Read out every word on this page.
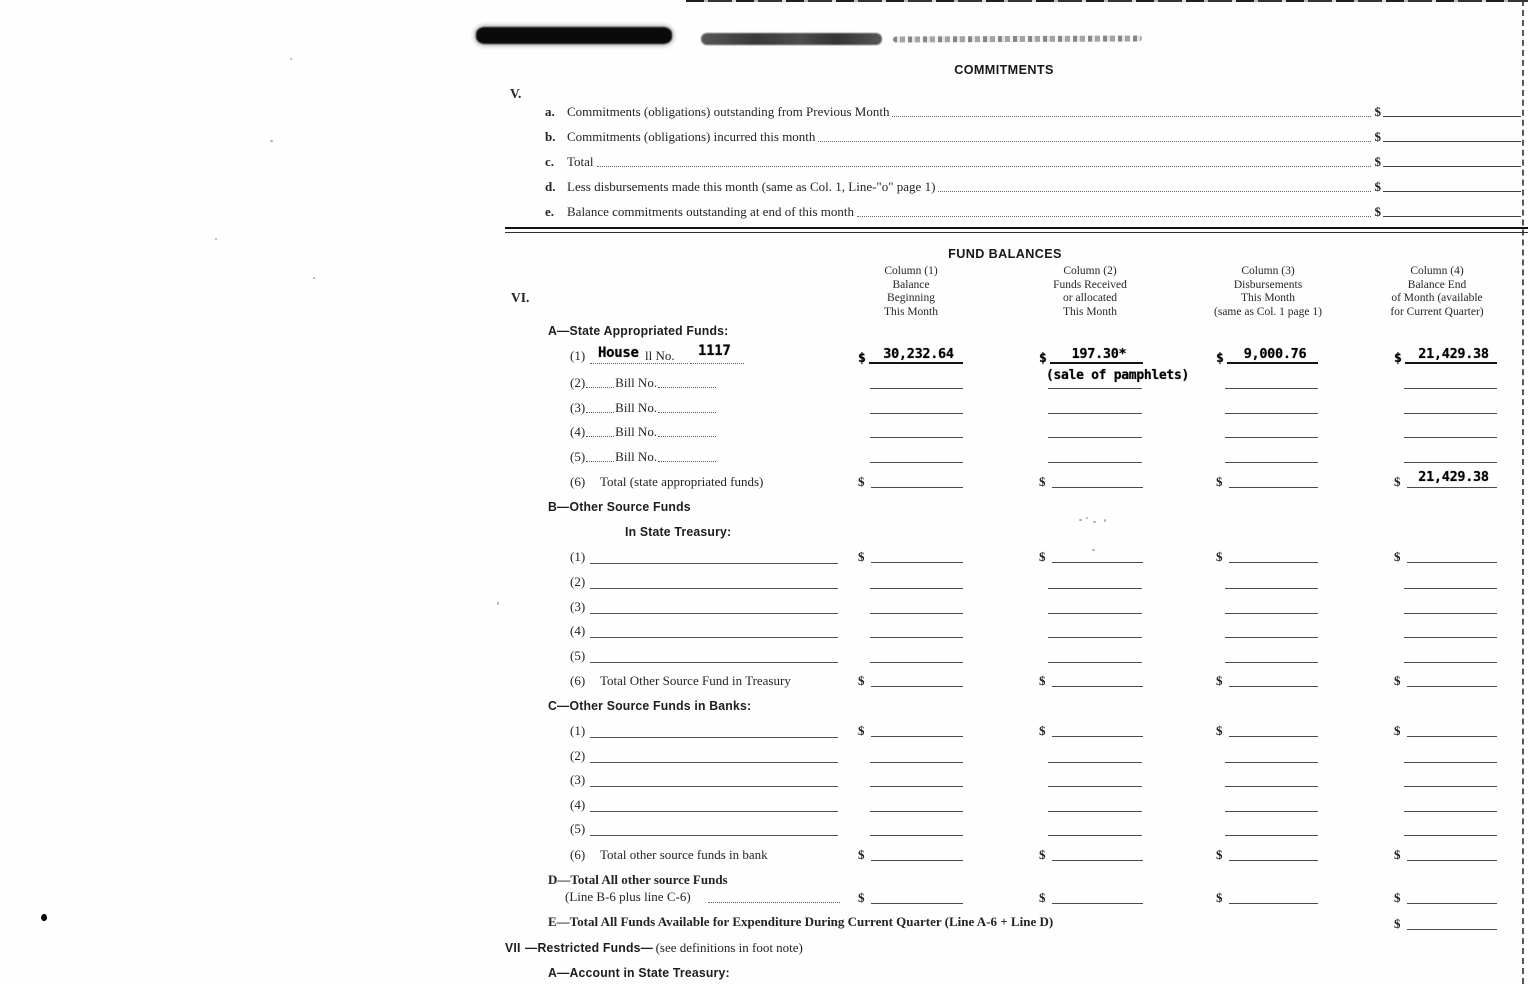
COMMITMENTS
V.
a. Commitments (obligations) outstanding from Previous Month	$
b. Commitments (obligations) incurred this month	$
c. Total	$
d. Less disbursements made this month (same as Col. 1, Line-"o" page 1)	$
e. Balance commitments outstanding at end of this month	$
FUND BALANCES
VI.
Column (1)
Balance
Beginning
This Month
Column (2)
Funds Received
or allocated
This Month
Column (3)
Disbursements
This Month
(same as Col. 1 page 1)
Column (4)
Balance End
of Month (available
for Current Quarter)
A—State Appropriated Funds:
(1) House ll No. 1117	$	30,232.64	$	197.30*	$	9,000.76	$	21,429.38
(sale of pamphlets)
(2) Bill No.
(3) Bill No.
(4) Bill No.
(5) Bill No.
(6) Total (state appropriated funds)	$	$	$	$	21,429.38
B—Other Source Funds
In State Treasury:
(1)	$	$	$	$
(2)
(3)
(4)
(5)
(6) Total Other Source Fund in Treasury	$	$	$	$
C—Other Source Funds in Banks:
(1)	$	$	$	$
(2)
(3)
(4)
(5)
(6) Total other source funds in bank	$	$	$	$
D—Total All other source Funds
(Line B-6 plus line C-6)	$	$	$	$
E—Total All Funds Available for Expenditure During Current Quarter (Line A-6 + Line D)	$
VII —Restricted Funds— (see definitions in foot note)
A—Account in State Treasury:
